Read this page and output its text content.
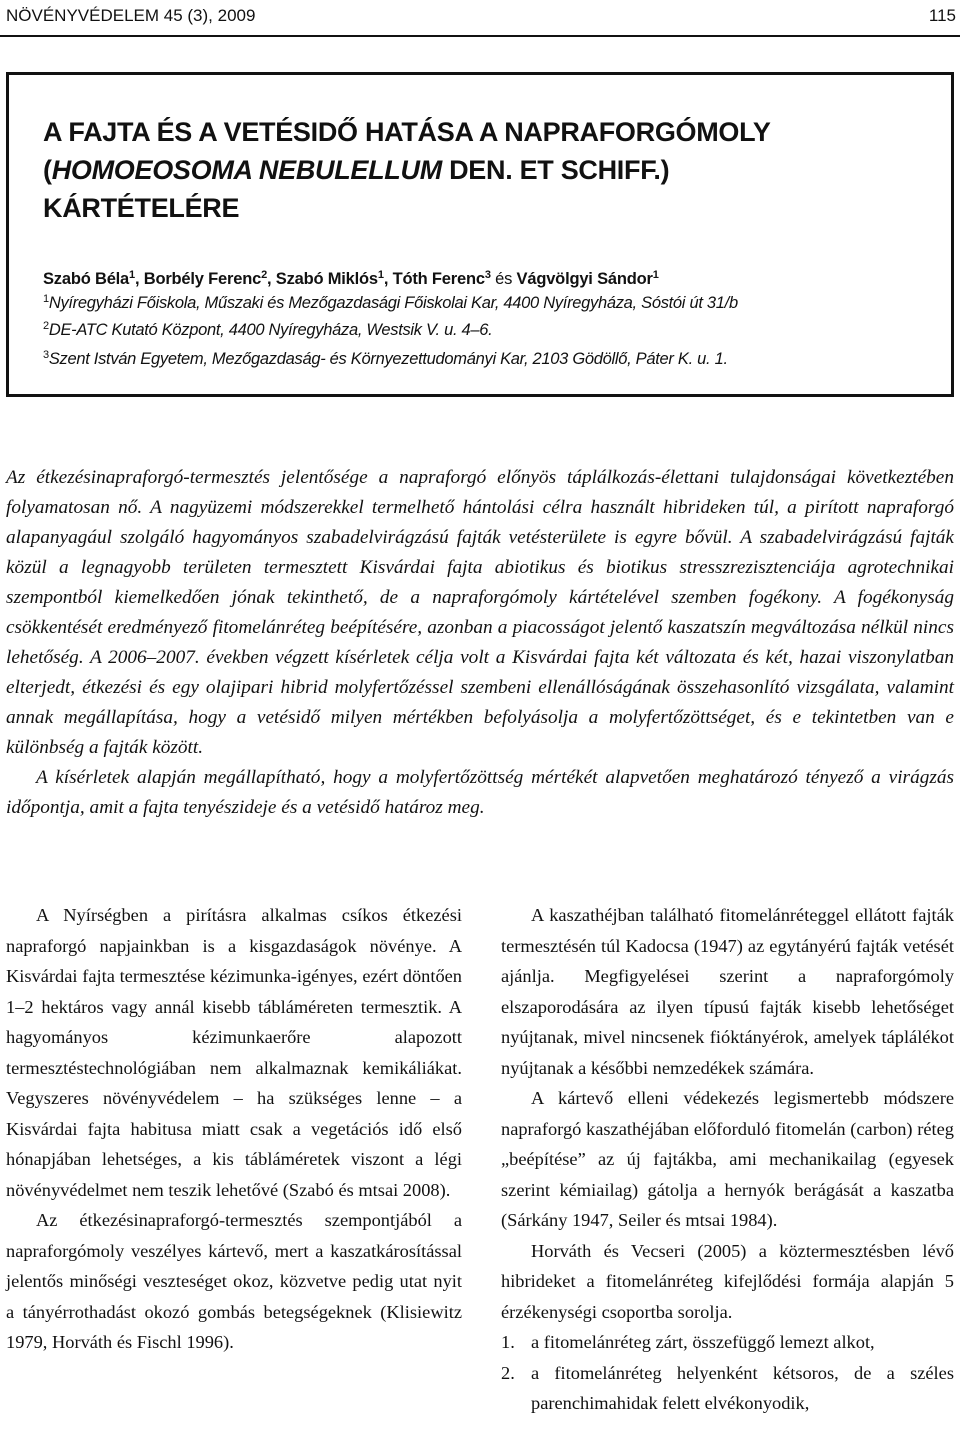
NÖVÉNYVÉDELEM 45 (3), 2009	115
A FAJTA ÉS A VETÉSIDŐ HATÁSA A NAPRAFORGÓMOLY
(HOMOEOSOMA NEBULELLUM DEN. ET SCHIFF.)
KÁRTÉTELÉRE
Szabó Béla$^1$, Borbély Ferenc$^2$, Szabó Miklós$^1$, Tóth Ferenc$^3$ és Vágvölgyi Sándor$^1$
$^1$Nyíregyházi Főiskola, Műszaki és Mezőgazdasági Főiskolai Kar, 4400 Nyíregyháza, Sóstói út 31/b
$^2$DE-ATC Kutató Központ, 4400 Nyíregyháza, Westsik V. u. 4–6.
$^3$Szent István Egyetem, Mezőgazdaság- és Környezettudományi Kar, 2103 Gödöllő, Páter K. u. 1.

Az étkezésinapraforgó-termesztés jelentősége a napraforgó előnyös táplálkozás-élettani tulajdonságai következtében folyamatosan nő. A nagyüzemi módszerekkel termelhető hántolási célra használt hibrideken túl, a pirított napraforgó alapanyagául szolgáló hagyományos szabadelvirágzású fajták vetésterülete is egyre bővül. A szabadelvirágzású fajták közül a legnagyobb területen termesztett Kisvárdai fajta abiotikus és biotikus stresszrezisztenciája agrotechnikai szempontból kiemelkedően jónak tekinthető, de a napraforgómoly kártételével szemben fogékony. A fogékonyság csökkentését eredményező fitomelánréteg beépítésére, azonban a piacosságot jelentő kaszatszín megváltozása nélkül nincs lehetőség. A 2006–2007. években végzett kísérletek célja volt a Kisvárdai fajta két változata és két, hazai viszonylatban elterjedt, étkezési és egy olajipari hibrid molyfertőzéssel szembeni ellenállóságának összehasonlító vizsgálata, valamint annak megállapítása, hogy a vetésidő milyen mértékben befolyásolja a molyfertőzöttséget, és e tekintetben van e különbség a fajták között.

A kísérletek alapján megállapítható, hogy a molyfertőzöttség mértékét alapvetően meghatározó tényező a virágzás időpontja, amit a fajta tenyészideje és a vetésidő határoz meg.

A Nyírségben a pirításra alkalmas csíkos étkezési napraforgó napjainkban is a kisgazdaságok növénye. A Kisvárdai fajta termesztése kézimunka-igényes, ezért döntően 1–2 hektáros vagy annál kisebb tábláméreten termesztik. A hagyományos kézimunkaerőre alapozott termesztéstechnológiában nem alkalmaznak kemikáliákat. Vegyszeres növényvédelem – ha szükséges lenne – a Kisvárdai fajta habitusa miatt csak a vegetációs idő első hónapjában lehetséges, a kis tábláméretek viszont a légi növényvédelmet nem teszik lehetővé (Szabó és mtsai 2008).

Az étkezésinapraforgó-termesztés szempontjából a napraforgómoly veszélyes kártevő, mert a kaszatkárosítással jelentős minőségi veszteséget okoz, közvetve pedig utat nyit a tányérrothadást okozó gombás betegségeknek (Klisiewitz 1979, Horváth és Fischl 1996).

A kaszathéjban található fitomelánréteggel ellátott fajták termesztésén túl Kadocsa (1947) az egytányérú fajták vetését ajánlja. Megfigyelései szerint a napraforgómoly elszaporodására az ilyen típusú fajták kisebb lehetőséget nyújtanak, mivel nincsenek fióktányérok, amelyek táplálékot nyújtanak a későbbi nemzedékek számára.

A kártevő elleni védekezés legismertebb módszere napraforgó kaszathéjában előforduló fitomelán (carbon) réteg „beépítése” az új fajtákba, ami mechanikailag (egyesek szerint kémiailag) gátolja a hernyók berágását a kaszatba (Sárkány 1947, Seiler és mtsai 1984).

Horváth és Vecseri (2005) a köztermesztésben lévő hibrideket a fitomelánréteg kifejlődési formája alapján 5 érzékenységi csoportba sorolja.

1. a fitomelánréteg zárt, összefüggő lemezt alkot,
2. a fitomelánréteg helyenként kétsoros, de a széles parenchimahidak felett elvékonyodik,
